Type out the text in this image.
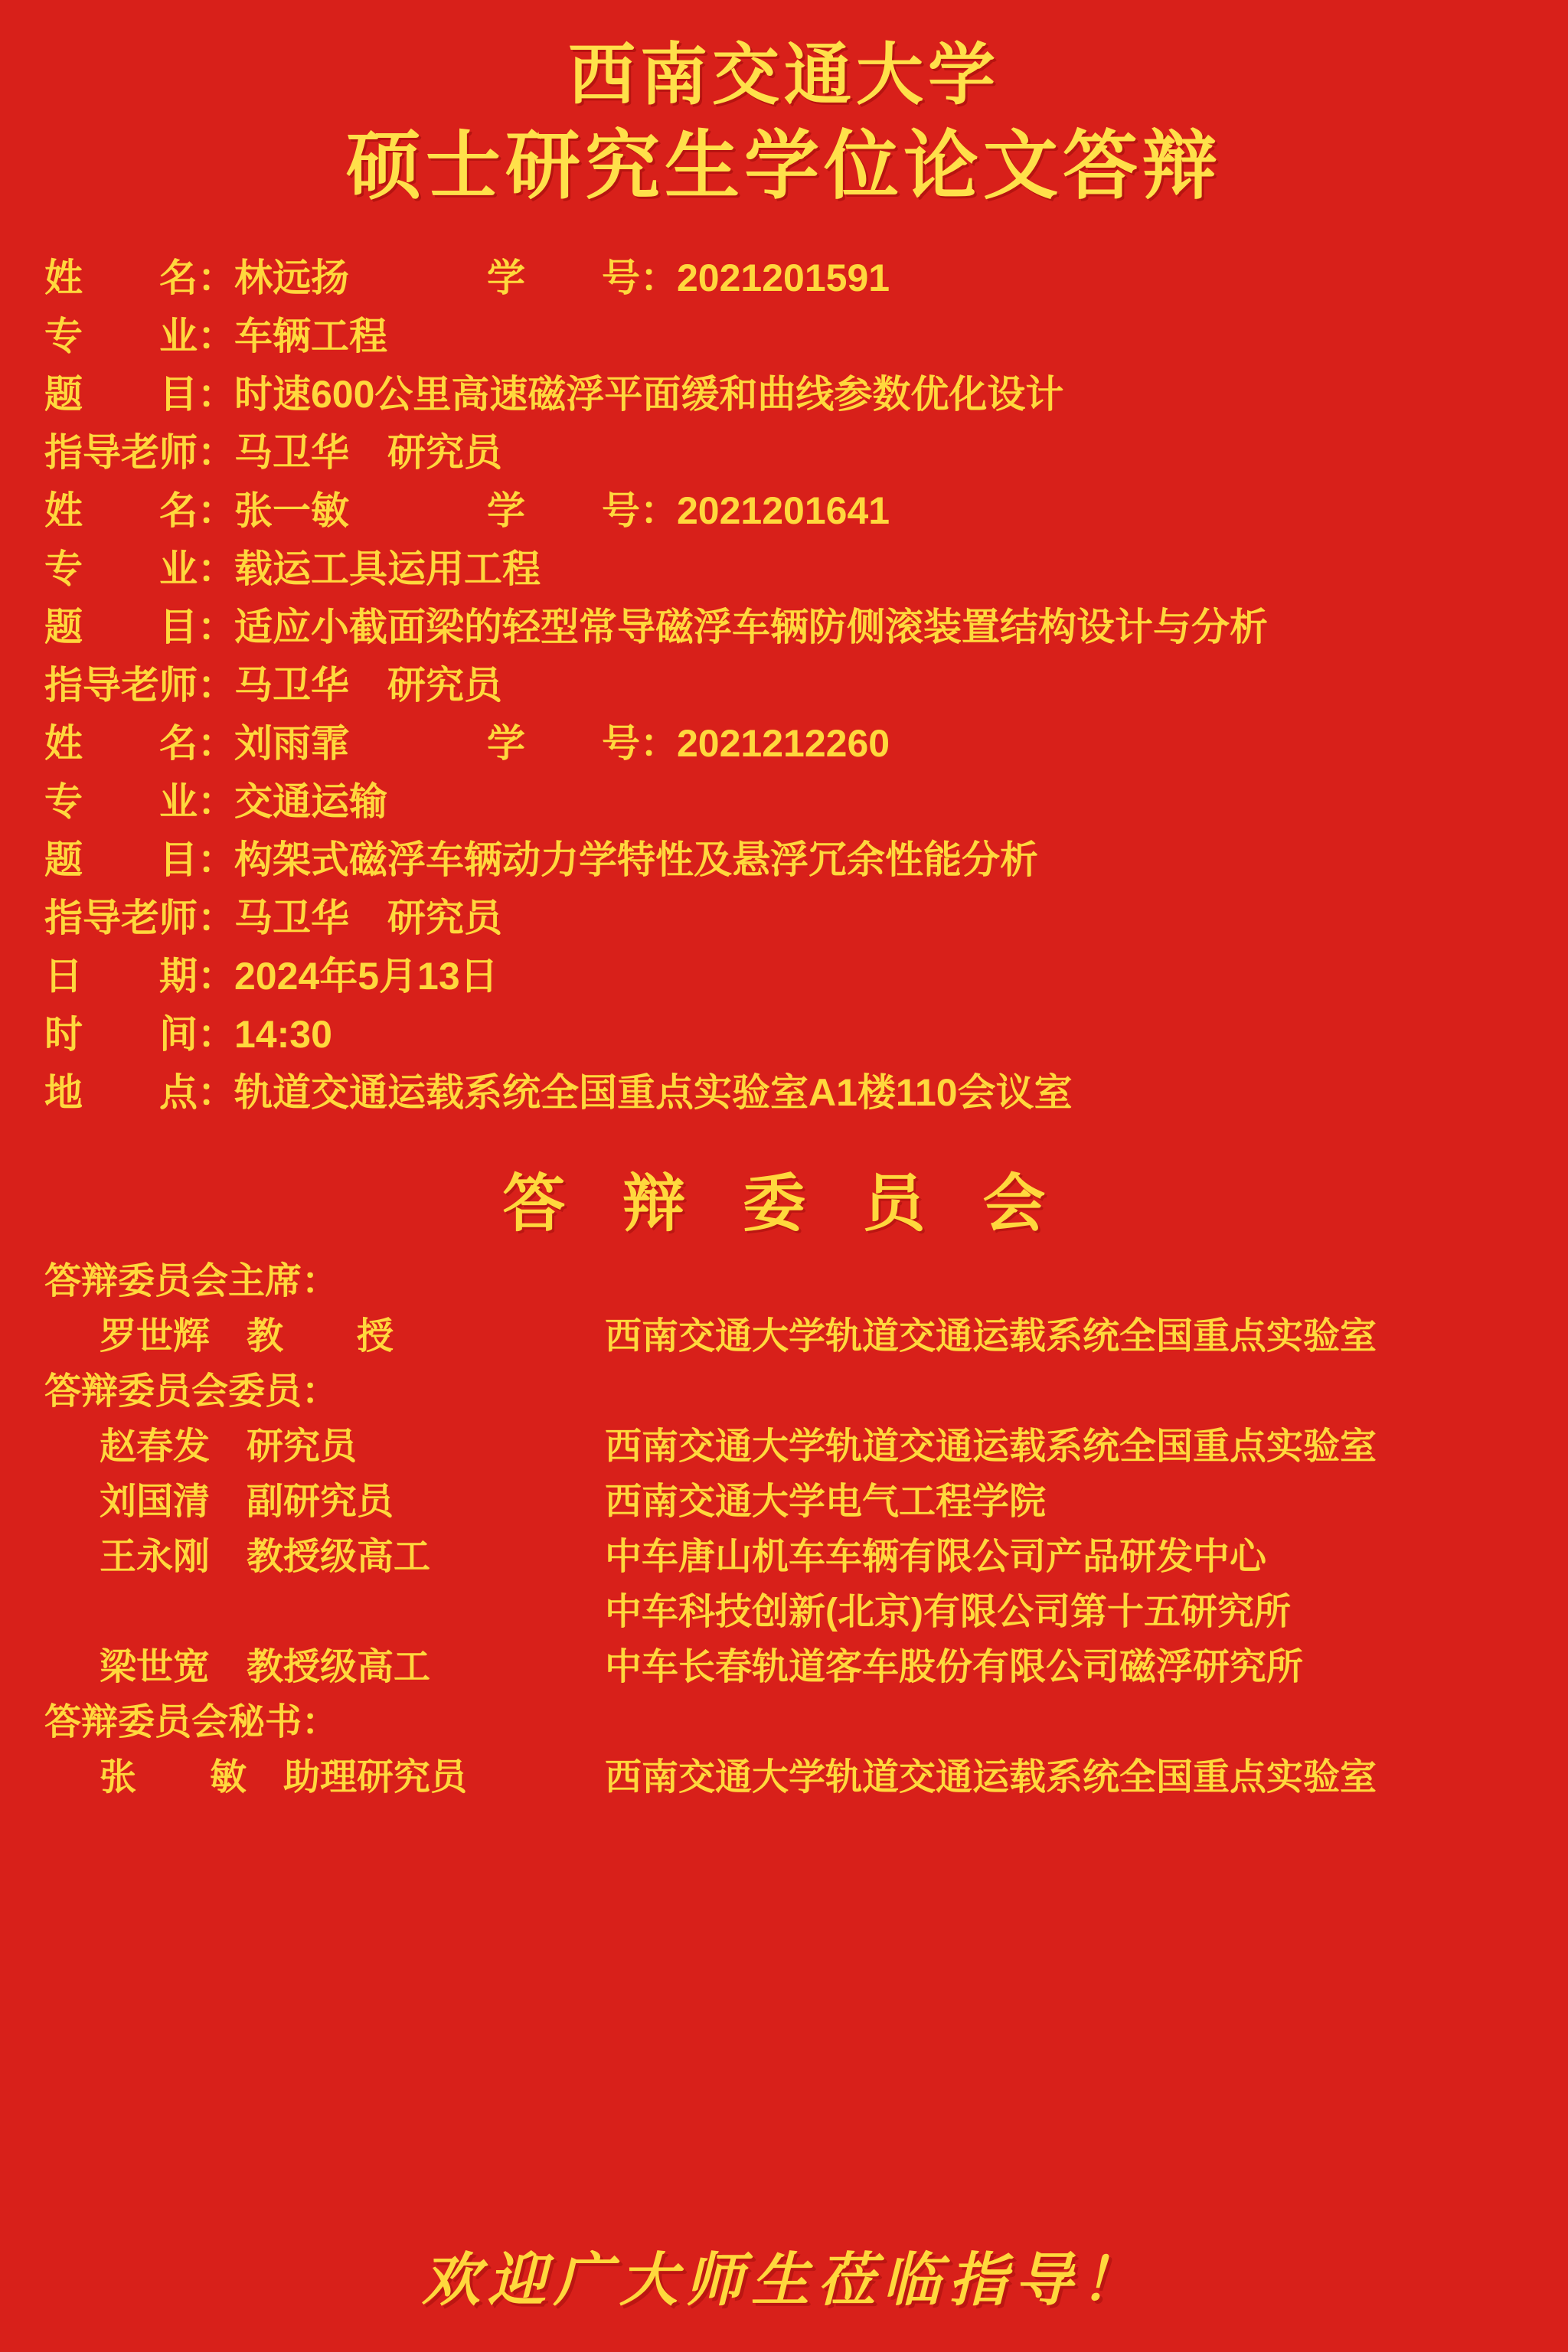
西南交通大学
硕士研究生学位论文答辩
姓　　名：
林远扬	学　　号：
2021201591
专　　业：
车辆工程
题　　目：
时速600公里高速磁浮平面缓和曲线参数优化设计
指导老师：
马卫华　研究员
姓　　名：
张一敏	学　　号：
2021201641
专　　业：
载运工具运用工程
题　　目：
适应小截面梁的轻型常导磁浮车辆防侧滚装置结构设计与分析
指导老师：
马卫华　研究员
姓　　名：
刘雨霏	学　　号：
2021212260
专　　业：
交通运输
题　　目：
构架式磁浮车辆动力学特性及悬浮冗余性能分析
指导老师：
马卫华　研究员
日　　期：
2024年5月13日
时　　间：
14:30
地　　点：
轨道交通运载系统全国重点实验室A1楼110会议室
答 辩 委 员 会
答辩委员会主席：
罗世辉　教　　授	西南交通大学轨道交通运载系统全国重点实验室
答辩委员会委员：
赵春发　研究员	西南交通大学轨道交通运载系统全国重点实验室
刘国清　副研究员	西南交通大学电气工程学院
王永刚　教授级高工	中车唐山机车车辆有限公司产品研发中心
中车科技创新(北京)有限公司第十五研究所
梁世宽　教授级高工	中车长春轨道客车股份有限公司磁浮研究所
答辩委员会秘书：
张　　敏　助理研究员	西南交通大学轨道交通运载系统全国重点实验室
欢迎广大师生莅临指导！
